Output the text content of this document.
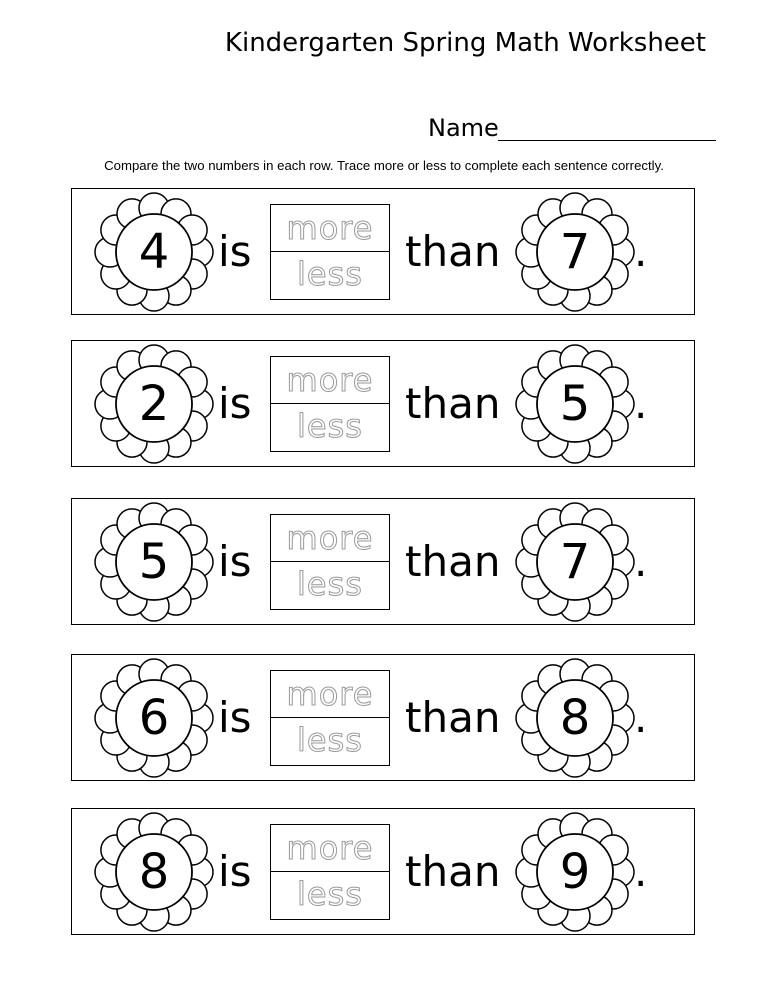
Kindergarten Spring Math Worksheet
Name
Compare the two numbers in each row. Trace more or less to complete each sentence correctly.
4	is	more
less	than	7	.
2	is	more
less	than	5	.
5	is	more
less	than	7	.
6	is	more
less	than	8	.
8	is	more
less	than	9	.
